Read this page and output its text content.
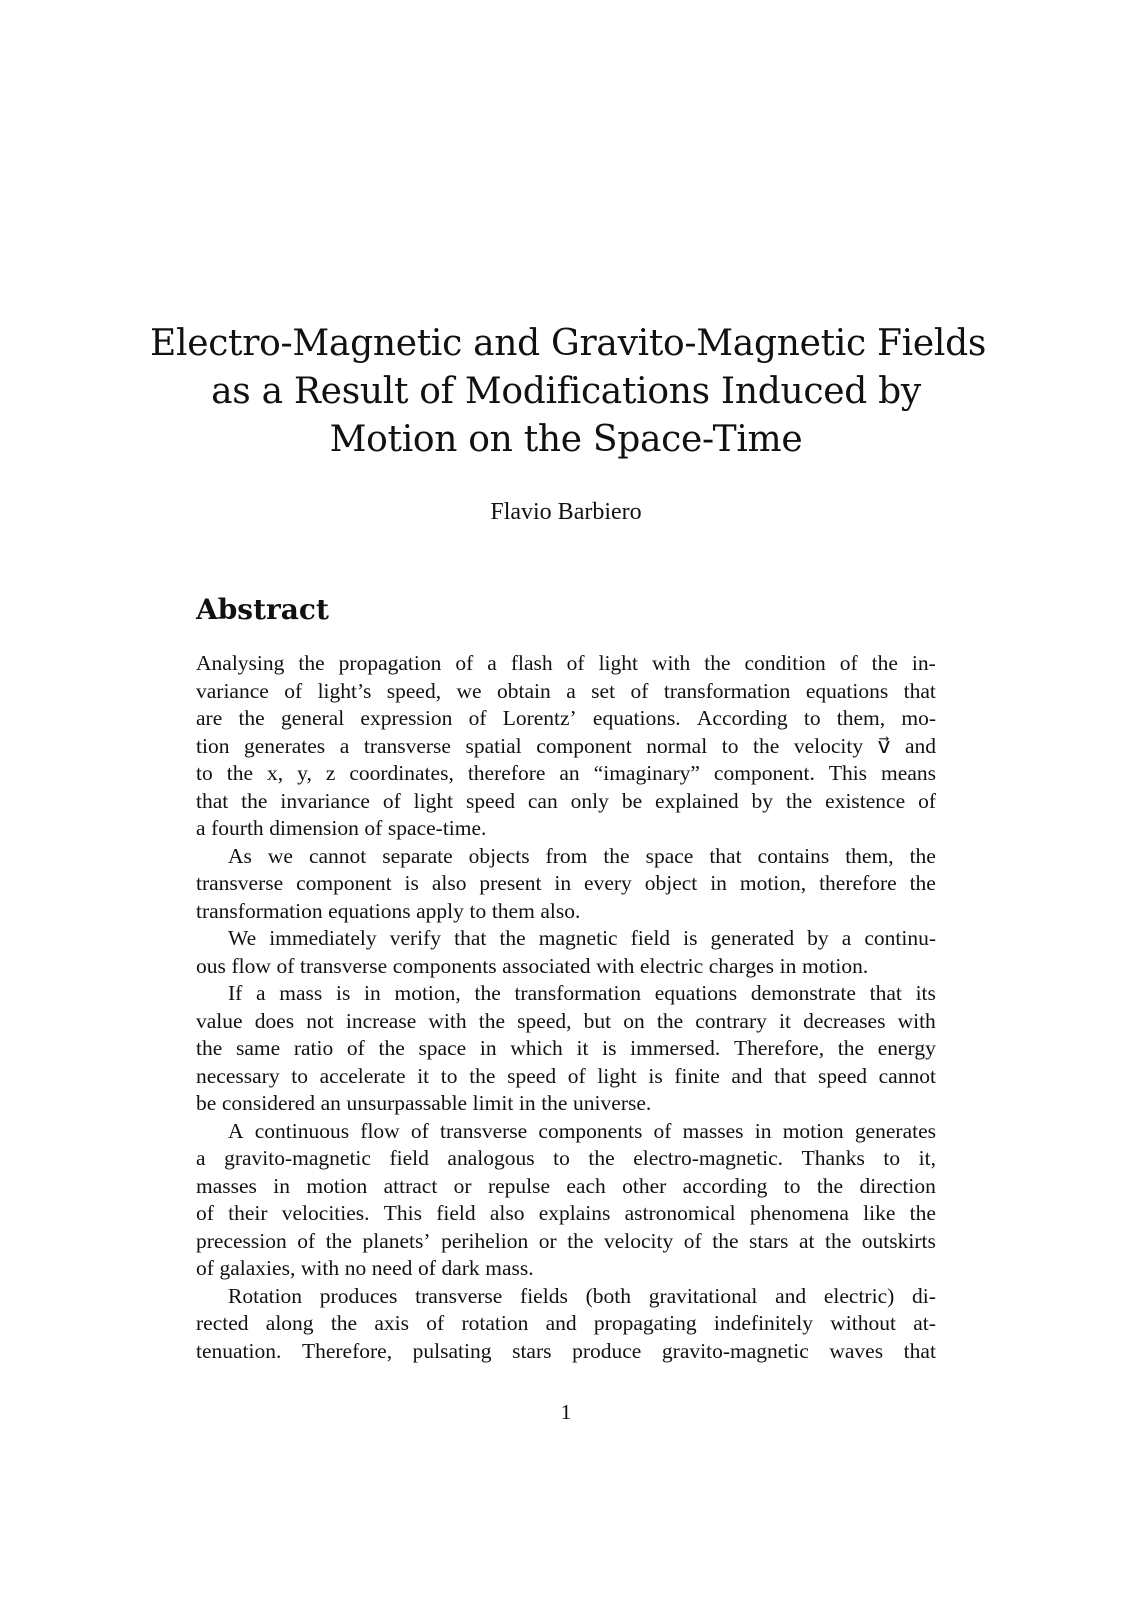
Electro-Magnetic and Gravito-Magnetic Fields
as a Result of Modifications Induced by
Motion on the Space-Time
Flavio Barbiero
Abstract
Analysing the propagation of a flash of light with the condition of the in-
variance of light’s speed, we obtain a set of transformation equations that
are the general expression of Lorentz’ equations. According to them, mo-
tion generates a transverse spatial component normal to the velocity v⃗ and
to the x, y, z coordinates, therefore an “imaginary” component. This means
that the invariance of light speed can only be explained by the existence of
a fourth dimension of space-time.
As we cannot separate objects from the space that contains them, the
transverse component is also present in every object in motion, therefore the
transformation equations apply to them also.
We immediately verify that the magnetic field is generated by a continu-
ous flow of transverse components associated with electric charges in motion.
If a mass is in motion, the transformation equations demonstrate that its
value does not increase with the speed, but on the contrary it decreases with
the same ratio of the space in which it is immersed. Therefore, the energy
necessary to accelerate it to the speed of light is finite and that speed cannot
be considered an unsurpassable limit in the universe.
A continuous flow of transverse components of masses in motion generates
a gravito-magnetic field analogous to the electro-magnetic. Thanks to it,
masses in motion attract or repulse each other according to the direction
of their velocities. This field also explains astronomical phenomena like the
precession of the planets’ perihelion or the velocity of the stars at the outskirts
of galaxies, with no need of dark mass.
Rotation produces transverse fields (both gravitational and electric) di-
rected along the axis of rotation and propagating indefinitely without at-
tenuation. Therefore, pulsating stars produce gravito-magnetic waves that
1
